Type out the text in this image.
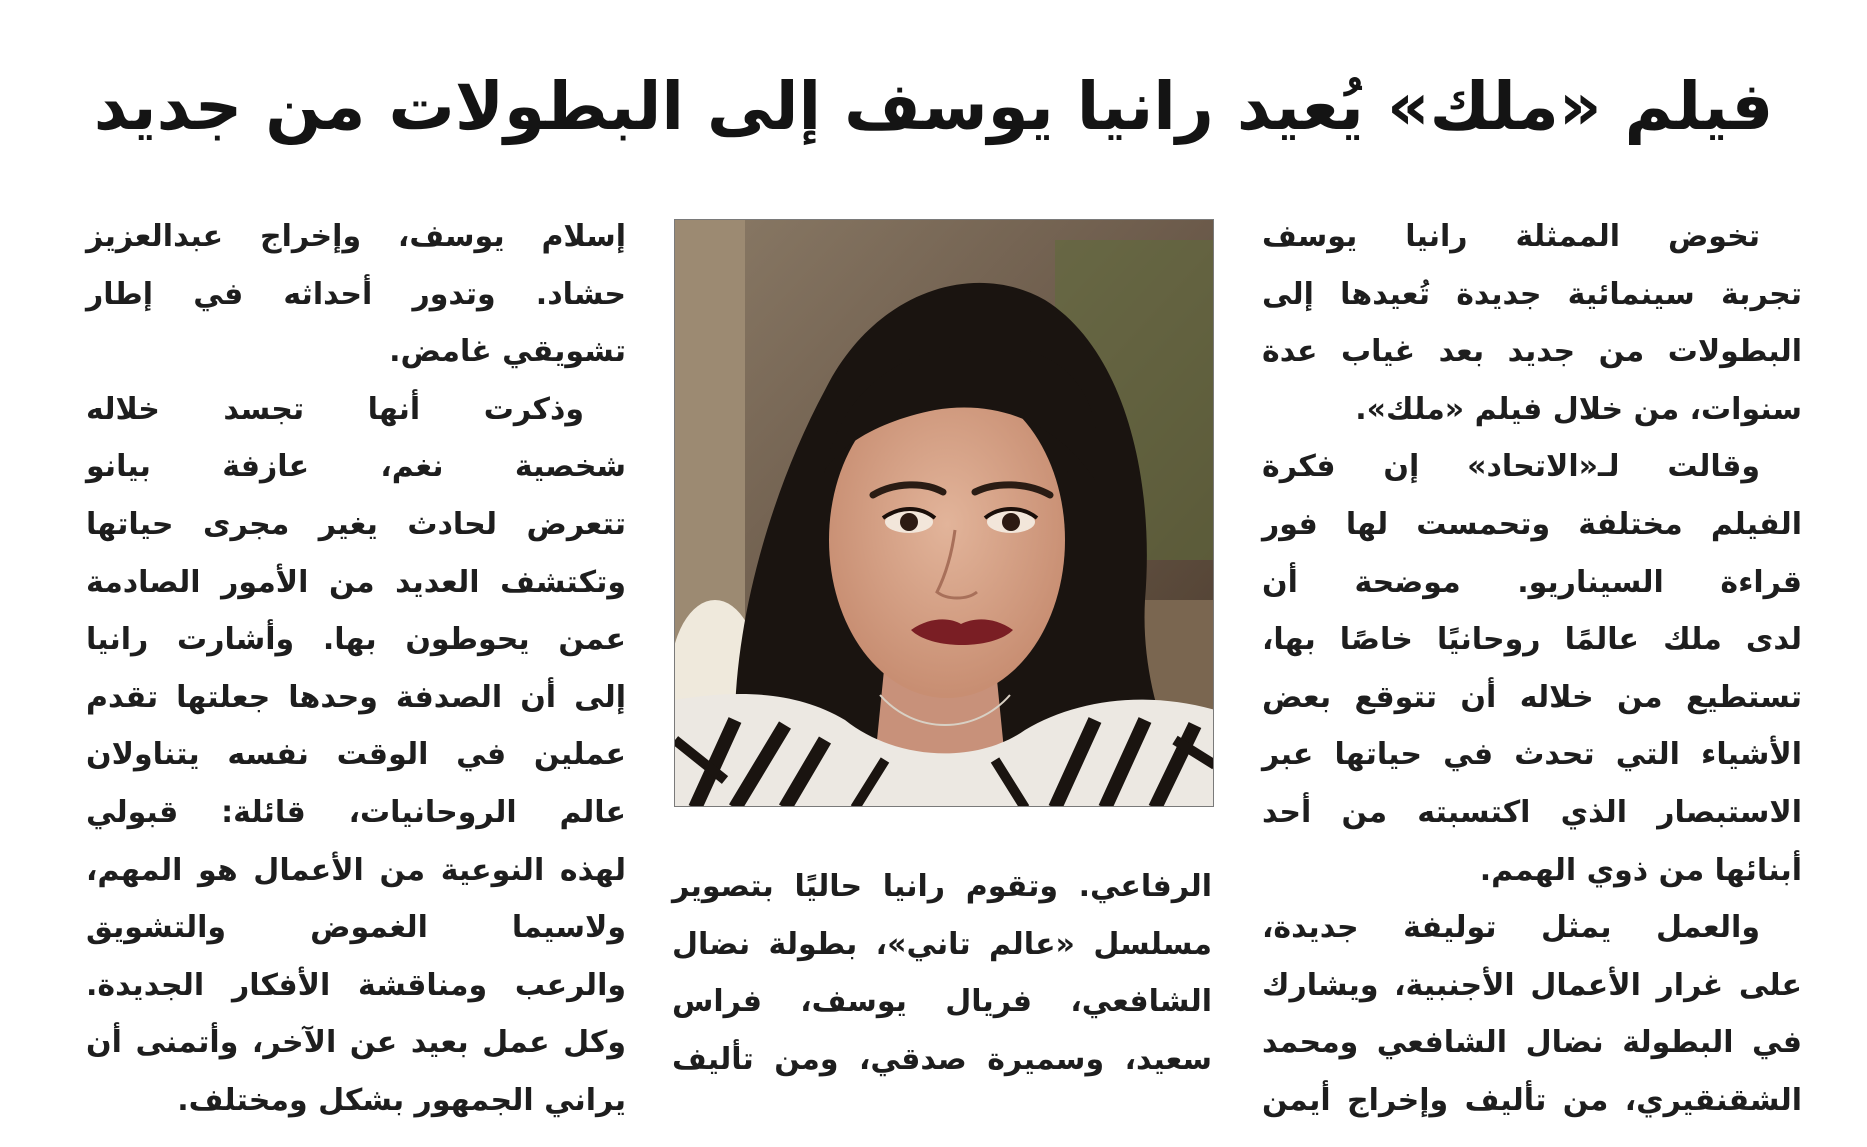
فيلم «ملك» يُعيد رانيا يوسف إلى البطولات من جديد
تخوض الممثلة رانيا يوسف
تجربة سينمائية جديدة تُعيدها إلى
البطولات من جديد بعد غياب عدة
سنوات، من خلال فيلم «ملك».
وقالت لـ«الاتحاد» إن فكرة
الفيلم مختلفة وتحمست لها فور
قراءة السيناريو. موضحة أن
لدى ملك عالمًا روحانيًا خاصًا بها،
تستطيع من خلاله أن تتوقع بعض
الأشياء التي تحدث في حياتها عبر
الاستبصار الذي اكتسبته من أحد
أبنائها من ذوي الهمم.
والعمل يمثل توليفة جديدة،
على غرار الأعمال الأجنبية، ويشارك
في البطولة نضال الشافعي ومحمد
الشقنقيري، من تأليف وإخراج أيمن
الرفاعي. وتقوم رانيا حاليًا بتصوير
مسلسل «عالم تاني»، بطولة نضال
الشافعي، فريال يوسف، فراس
سعيد، وسميرة صدقي، ومن تأليف
إسلام يوسف، وإخراج عبدالعزيز
حشاد. وتدور أحداثه في إطار
تشويقي غامض.
وذكرت أنها تجسد خلاله
شخصية نغم، عازفة بيانو
تتعرض لحادث يغير مجرى حياتها
وتكتشف العديد من الأمور الصادمة
عمن يحوطون بها. وأشارت رانيا
إلى أن الصدفة وحدها جعلتها تقدم
عملين في الوقت نفسه يتناولان
عالم الروحانيات، قائلة: قبولي
لهذه النوعية من الأعمال هو المهم،
ولاسيما الغموض والتشويق
والرعب ومناقشة الأفكار الجديدة.
وكل عمل بعيد عن الآخر، وأتمنى أن
يراني الجمهور بشكل ومختلف.
